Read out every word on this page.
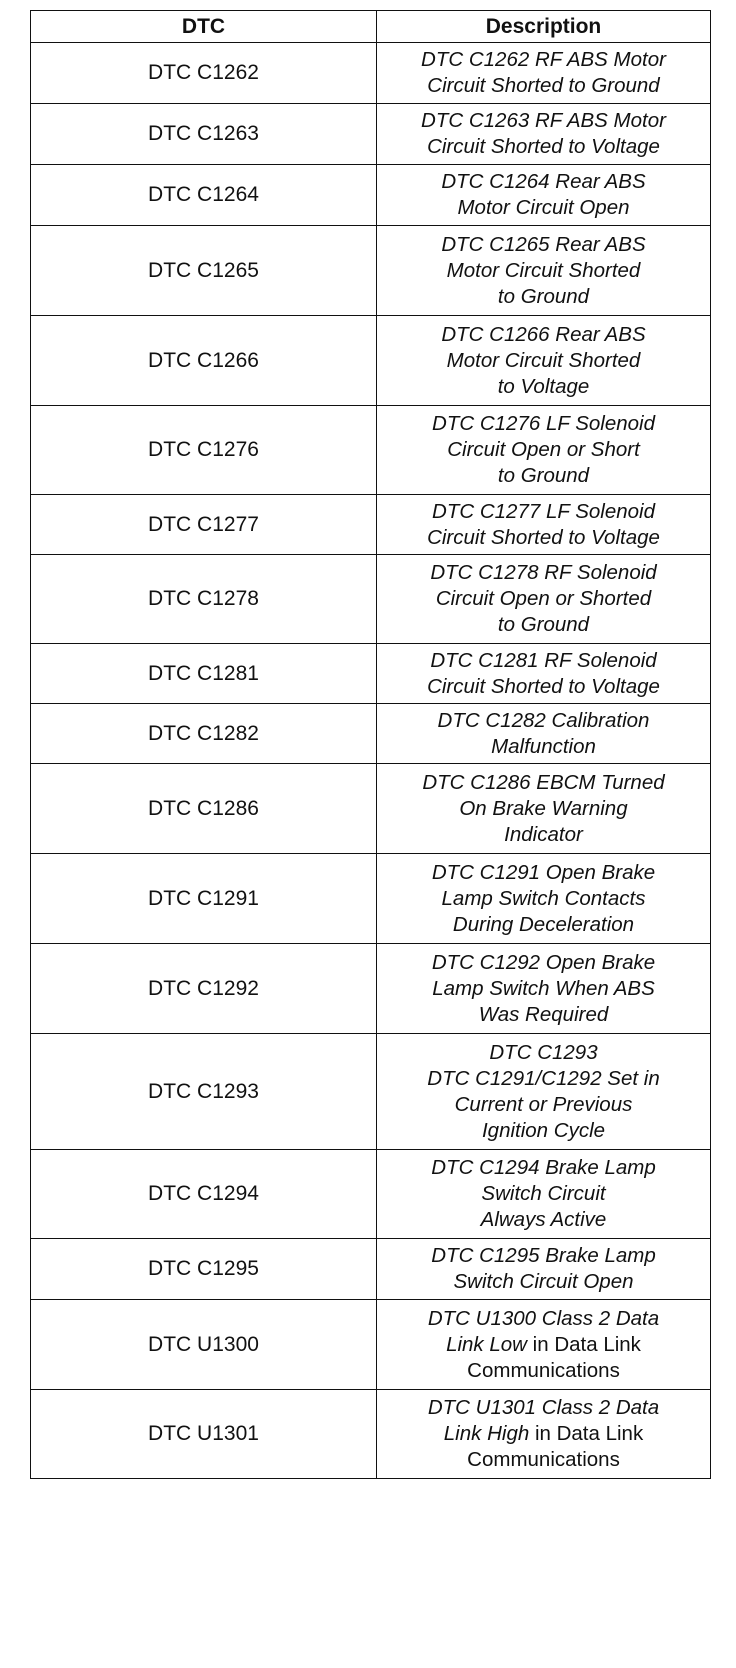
DTC	Description
DTC C1262	DTC C1262 RF ABS Motor
Circuit Shorted to Ground

DTC C1263	DTC C1263 RF ABS Motor
Circuit Shorted to Voltage

DTC C1264	DTC C1264 Rear ABS
Motor Circuit Open

DTC C1265	DTC C1265 Rear ABS
Motor Circuit Shorted
to Ground

DTC C1266	DTC C1266 Rear ABS
Motor Circuit Shorted
to Voltage

DTC C1276	DTC C1276 LF Solenoid
Circuit Open or Short
to Ground

DTC C1277	DTC C1277 LF Solenoid
Circuit Shorted to Voltage

DTC C1278	DTC C1278 RF Solenoid
Circuit Open or Shorted
to Ground

DTC C1281	DTC C1281 RF Solenoid
Circuit Shorted to Voltage

DTC C1282	DTC C1282 Calibration
Malfunction

DTC C1286	DTC C1286 EBCM Turned
On Brake Warning
Indicator

DTC C1291	DTC C1291 Open Brake
Lamp Switch Contacts
During Deceleration

DTC C1292	DTC C1292 Open Brake
Lamp Switch When ABS
Was Required

DTC C1293	DTC C1293
DTC C1291/C1292 Set in
Current or Previous
Ignition Cycle

DTC C1294	DTC C1294 Brake Lamp
Switch Circuit
Always Active

DTC C1295	DTC C1295 Brake Lamp
Switch Circuit Open

DTC U1300	DTC U1300 Class 2 Data
Link Low in Data Link
Communications

DTC U1301	DTC U1301 Class 2 Data
Link High in Data Link
Communications
